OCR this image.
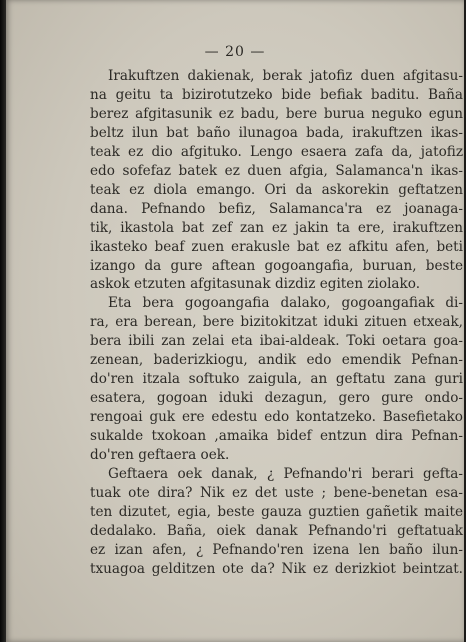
— 20 —
Irakuftzen dakienak, berak jatofiz duen afgitasu-
na geitu ta bizirotutzeko bide befiak baditu. Baña
berez afgitasunik ez badu, bere burua neguko egun
beltz ilun bat baño ilunagoa bada, irakuftzen ikas-
teak ez dio afgituko. Lengo esaera zafa da, jatofiz
edo sofefaz batek ez duen afgia, Salamanca'n ikas-
teak ez diola emango. Ori da askorekin geftatzen
dana. Pefnando befiz, Salamanca'ra ez joanaga-
tik, ikastola bat zef zan ez jakin ta ere, irakuftzen
ikasteko beaf zuen erakusle bat ez afkitu afen, beti
izango da gure aftean gogoangafia, buruan, beste
askok etzuten afgitasunak dizdiz egiten ziolako.
Eta bera gogoangafia dalako, gogoangafiak di-
ra, era berean, bere bizitokitzat iduki zituen etxeak,
bera ibili zan zelai eta ibai-aldeak. Toki oetara goa-
zenean, baderizkiogu, andik edo emendik Pefnan-
do'ren itzala softuko zaigula, an geftatu zana guri
esatera, gogoan iduki dezagun, gero gure ondo-
rengoai guk ere edestu edo kontatzeko. Basefietako
sukalde txokoan ,amaika bidef entzun dira Pefnan-
do'ren geftaera oek.
Geftaera oek danak, ¿ Pefnando'ri berari gefta-
tuak ote dira? Nik ez det uste ; bene-benetan esa-
ten dizutet, egia, beste gauza guztien gañetik maite
dedalako. Baña, oiek danak Pefnando'ri geftatuak
ez izan afen, ¿ Pefnando'ren izena len baño ilun-
txuagoa gelditzen ote da? Nik ez derizkiot beintzat.
